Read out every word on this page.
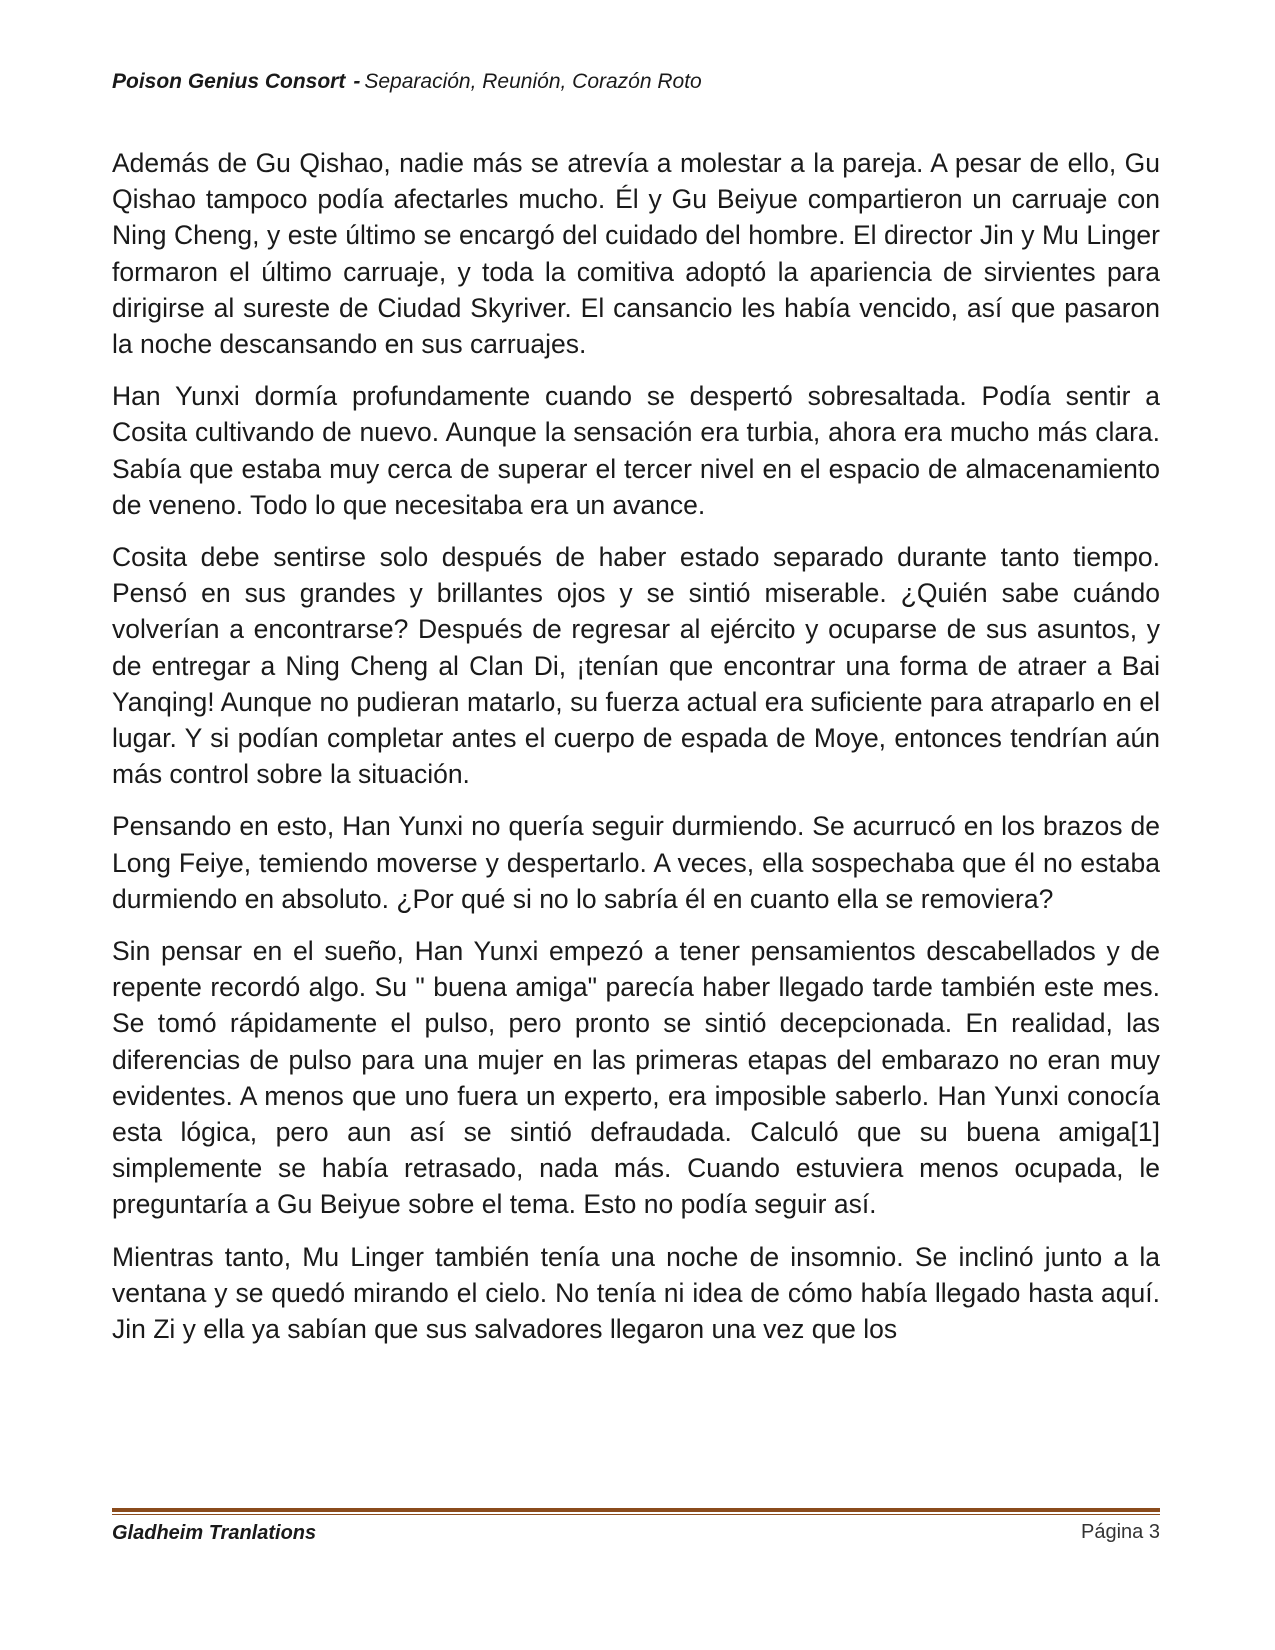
Poison Genius Consort - Separación, Reunión, Corazón Roto

Además de Gu Qishao, nadie más se atrevía a molestar a la pareja. A pesar de ello, Gu Qishao tampoco podía afectarles mucho. Él y Gu Beiyue compartieron un carruaje con Ning Cheng, y este último se encargó del cuidado del hombre. El director Jin y Mu Linger formaron el último carruaje, y toda la comitiva adoptó la apariencia de sirvientes para dirigirse al sureste de Ciudad Skyriver. El cansancio les había vencido, así que pasaron la noche descansando en sus carruajes.

Han Yunxi dormía profundamente cuando se despertó sobresaltada. Podía sentir a Cosita cultivando de nuevo. Aunque la sensación era turbia, ahora era mucho más clara. Sabía que estaba muy cerca de superar el tercer nivel en el espacio de almacenamiento de veneno. Todo lo que necesitaba era un avance.

Cosita debe sentirse solo después de haber estado separado durante tanto tiempo. Pensó en sus grandes y brillantes ojos y se sintió miserable. ¿Quién sabe cuándo volverían a encontrarse? Después de regresar al ejército y ocuparse de sus asuntos, y de entregar a Ning Cheng al Clan Di, ¡tenían que encontrar una forma de atraer a Bai Yanqing! Aunque no pudieran matarlo, su fuerza actual era suficiente para atraparlo en el lugar. Y si podían completar antes el cuerpo de espada de Moye, entonces tendrían aún más control sobre la situación.

Pensando en esto, Han Yunxi no quería seguir durmiendo. Se acurrucó en los brazos de Long Feiye, temiendo moverse y despertarlo. A veces, ella sospechaba que él no estaba durmiendo en absoluto. ¿Por qué si no lo sabría él en cuanto ella se removiera?

Sin pensar en el sueño, Han Yunxi empezó a tener pensamientos descabellados y de repente recordó algo. Su " buena amiga" parecía haber llegado tarde también este mes. Se tomó rápidamente el pulso, pero pronto se sintió decepcionada. En realidad, las diferencias de pulso para una mujer en las primeras etapas del embarazo no eran muy evidentes. A menos que uno fuera un experto, era imposible saberlo. Han Yunxi conocía esta lógica, pero aun así se sintió defraudada. Calculó que su buena amiga[1] simplemente se había retrasado, nada más. Cuando estuviera menos ocupada, le preguntaría a Gu Beiyue sobre el tema. Esto no podía seguir así.

Mientras tanto, Mu Linger también tenía una noche de insomnio. Se inclinó junto a la ventana y se quedó mirando el cielo. No tenía ni idea de cómo había llegado hasta aquí. Jin Zi y ella ya sabían que sus salvadores llegaron una vez que los

Gladheim Tranlations	Página 3
